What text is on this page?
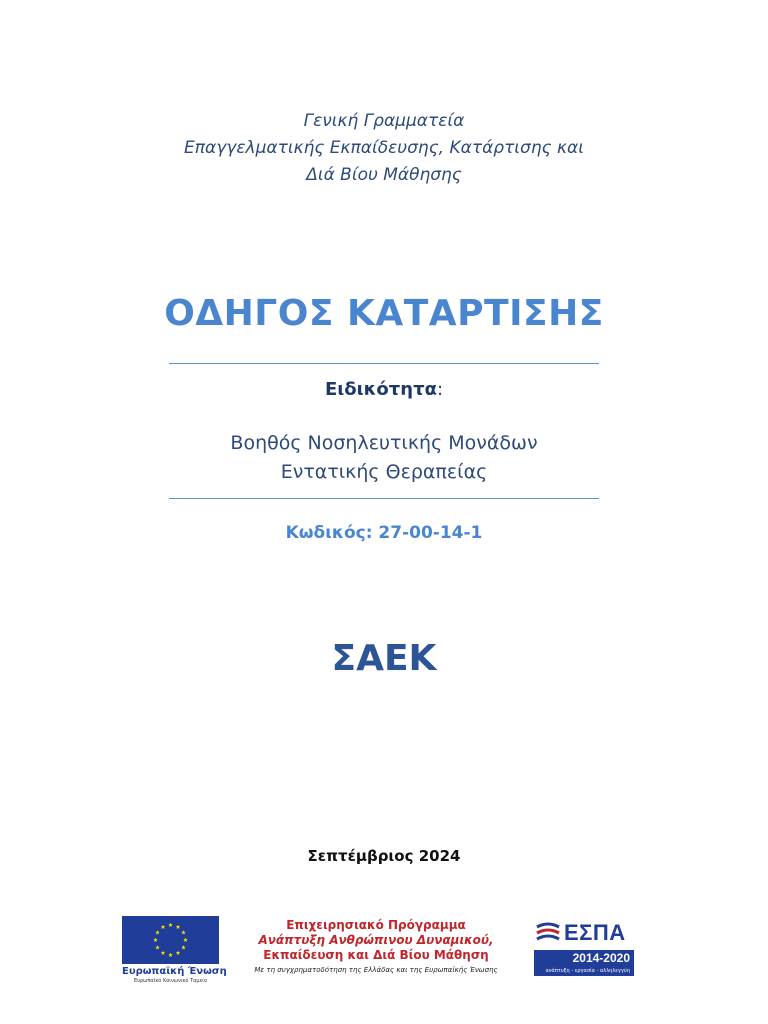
Γενική Γραμματεία
Επαγγελματικής Εκπαίδευσης, Κατάρτισης και
Διά Βίου Μάθησης
ΟΔΗΓΟΣ ΚΑΤΑΡΤΙΣΗΣ
Ειδικότητα:
Βοηθός Νοσηλευτικής Μονάδων
Εντατικής Θεραπείας
Κωδικός: 27-00-14-1
ΣΑΕΚ
Σεπτέμβριος 2024
Ευρωπαϊκή Ένωση
Ευρωπαϊκό Κοινωνικό Ταμείο
Επιχειρησιακό Πρόγραμμα
Ανάπτυξη Ανθρώπινου Δυναμικού,
Εκπαίδευση και Διά Βίου Μάθηση
Με τη συγχρηματοδότηση της Ελλάδας και της Ευρωπαϊκής Ένωσης
ΕΣΠΑ
2014-2020
ανάπτυξη - εργασία - αλληλεγγύη
